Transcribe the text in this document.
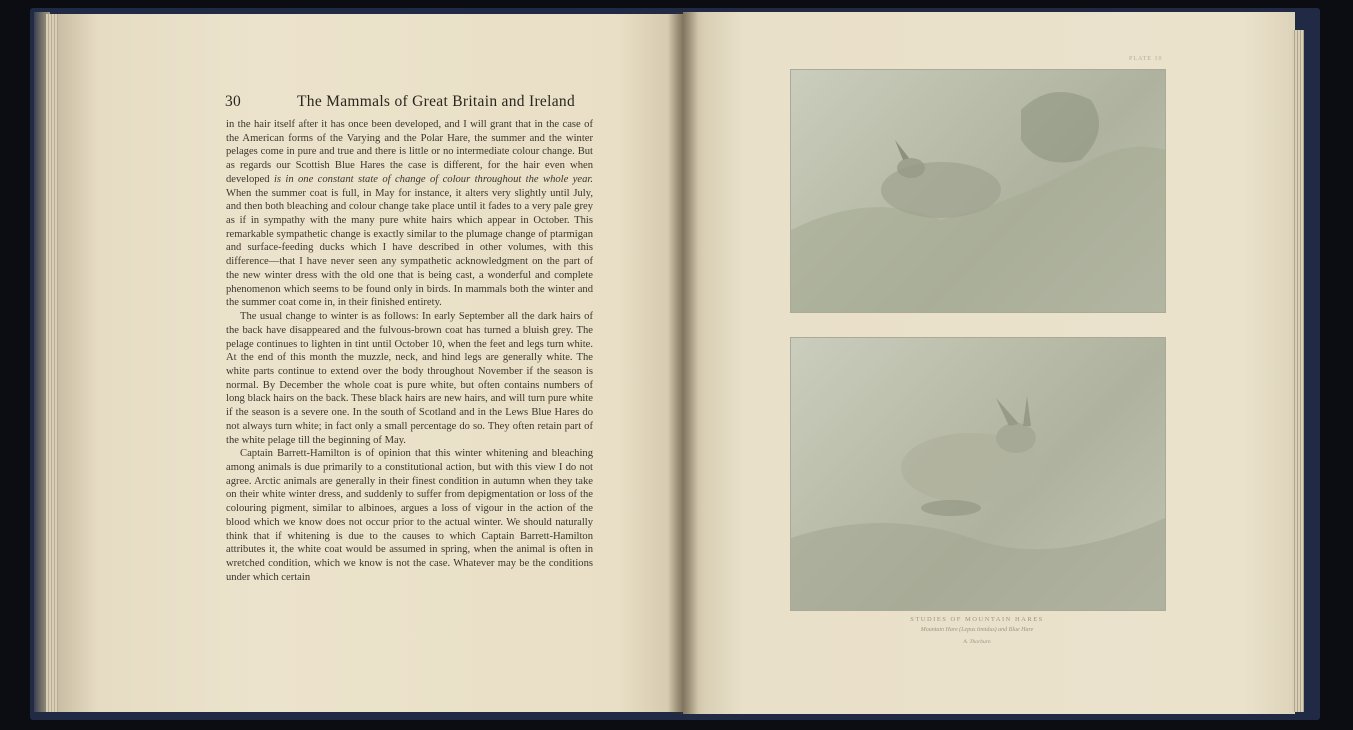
30	The Mammals of Great Britain and Ireland

in the hair itself after it has once been developed, and I will grant that in the case of the American forms of the Varying and the Polar Hare, the summer and the winter pelages come in pure and true and there is little or no intermediate colour change. But as regards our Scottish Blue Hares the case is different, for the hair even when developed is in one constant state of change of colour throughout the whole year. When the summer coat is full, in May for instance, it alters very slightly until July, and then both bleaching and colour change take place until it fades to a very pale grey as if in sympathy with the many pure white hairs which appear in October. This remarkable sympathetic change is exactly similar to the plumage change of ptarmigan and surface-feeding ducks which I have described in other volumes, with this difference—that I have never seen any sympathetic acknowledgment on the part of the new winter dress with the old one that is being cast, a wonderful and complete phenomenon which seems to be found only in birds. In mammals both the winter and the summer coat come in, in their finished entirety.

The usual change to winter is as follows: In early September all the dark hairs of the back have disappeared and the fulvous-brown coat has turned a bluish grey. The pelage continues to lighten in tint until October 10, when the feet and legs turn white. At the end of this month the muzzle, neck, and hind legs are generally white. The white parts continue to extend over the body throughout November if the season is normal. By December the whole coat is pure white, but often contains numbers of long black hairs on the back. These black hairs are new hairs, and will turn pure white if the season is a severe one. In the south of Scotland and in the Lews Blue Hares do not always turn white; in fact only a small percentage do so. They often retain part of the white pelage till the beginning of May.

Captain Barrett-Hamilton is of opinion that this winter whitening and bleaching among animals is due primarily to a constitutional action, but with this view I do not agree. Arctic animals are generally in their finest condition in autumn when they take on their white winter dress, and suddenly to suffer from depigmentation or loss of the colouring pigment, similar to albinoes, argues a loss of vigour in the action of the blood which we know does not occur prior to the actual winter. We should naturally think that if whitening is due to the causes to which Captain Barrett-Hamilton attributes it, the white coat would be assumed in spring, when the animal is often in wretched condition, which we know is not the case. Whatever may be the conditions under which certain

PLATE 10
STUDIES OF MOUNTAIN HARES
Mountain Hare (Lepus timidus) and Blue Hare
A. Thorburn
